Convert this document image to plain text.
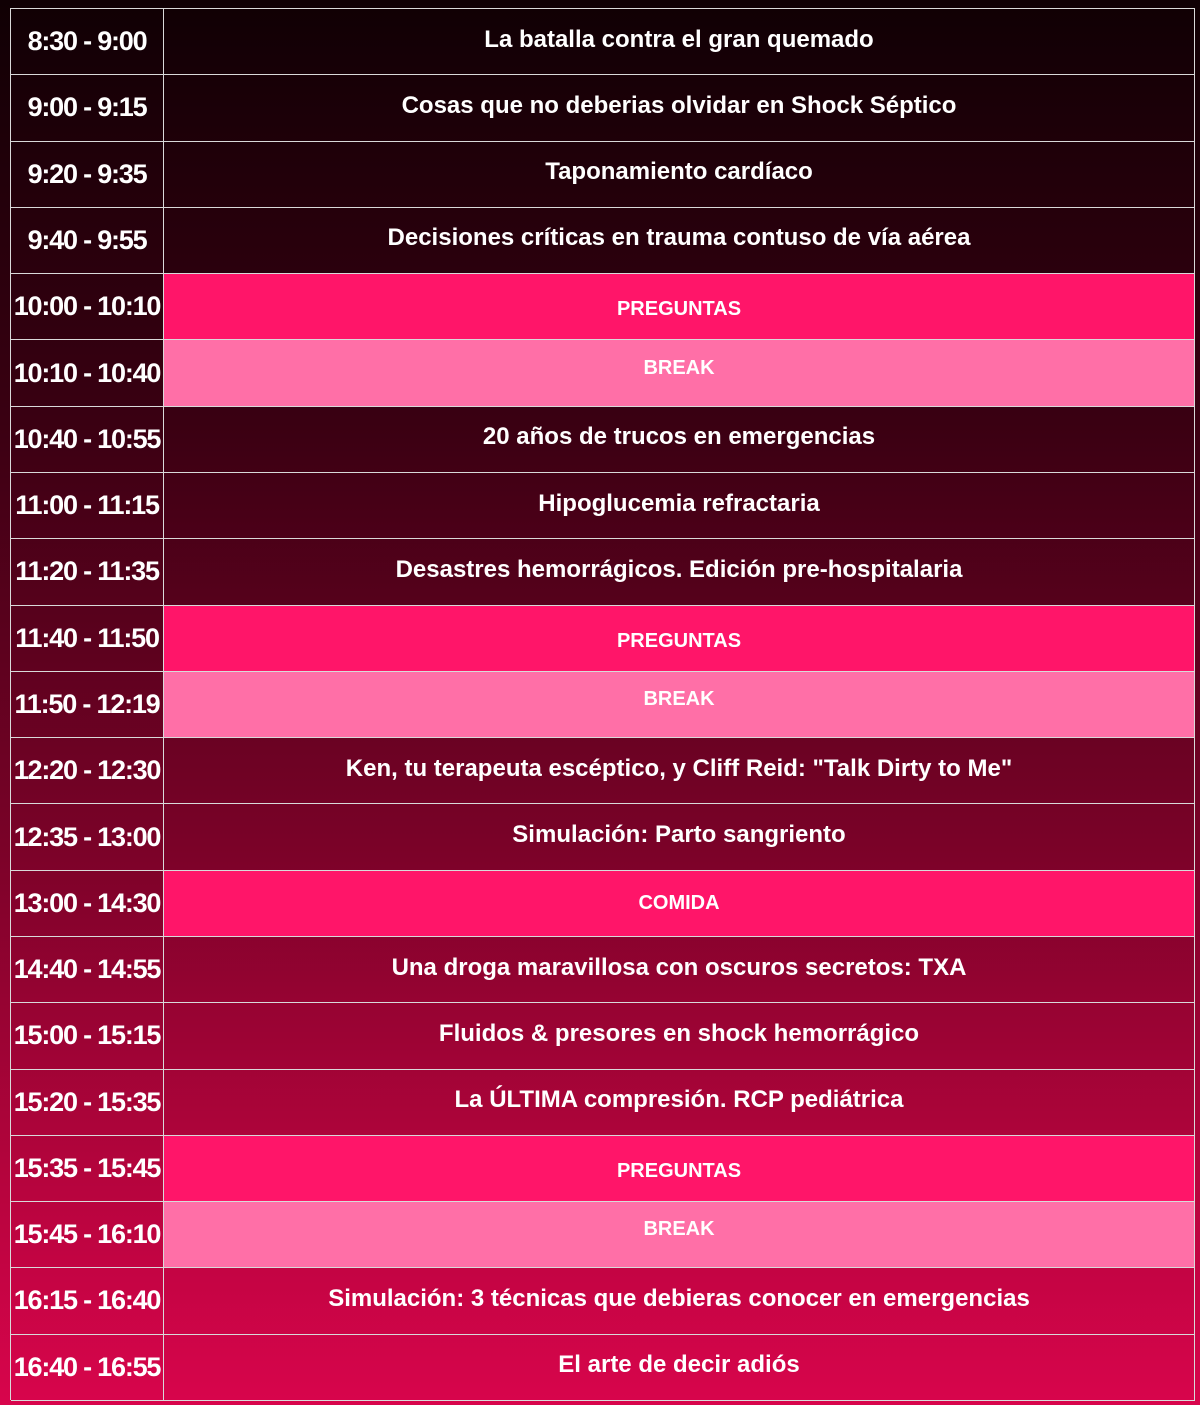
8:30 - 9:00	La batalla contra el gran quemado
9:00 - 9:15	Cosas que no deberias olvidar en Shock Séptico
9:20 - 9:35	Taponamiento cardíaco
9:40 - 9:55	Decisiones críticas en trauma contuso de vía aérea
10:00 - 10:10	PREGUNTAS
10:10 - 10:40	BREAK
10:40 - 10:55	20 años de trucos en emergencias
11:00 - 11:15	Hipoglucemia refractaria
11:20 - 11:35	Desastres hemorrágicos. Edición pre-hospitalaria
11:40 - 11:50	PREGUNTAS
11:50 - 12:19	BREAK
12:20 - 12:30	Ken, tu terapeuta escéptico, y Cliff Reid: "Talk Dirty to Me"
12:35 - 13:00	Simulación: Parto sangriento
13:00 - 14:30	COMIDA
14:40 - 14:55	Una droga maravillosa con oscuros secretos: TXA
15:00 - 15:15	Fluidos & presores en shock hemorrágico
15:20 - 15:35	La ÚLTIMA compresión. RCP pediátrica
15:35 - 15:45	PREGUNTAS
15:45 - 16:10	BREAK
16:15 - 16:40	Simulación: 3 técnicas que debieras conocer en emergencias
16:40 - 16:55	El arte de decir adiós
